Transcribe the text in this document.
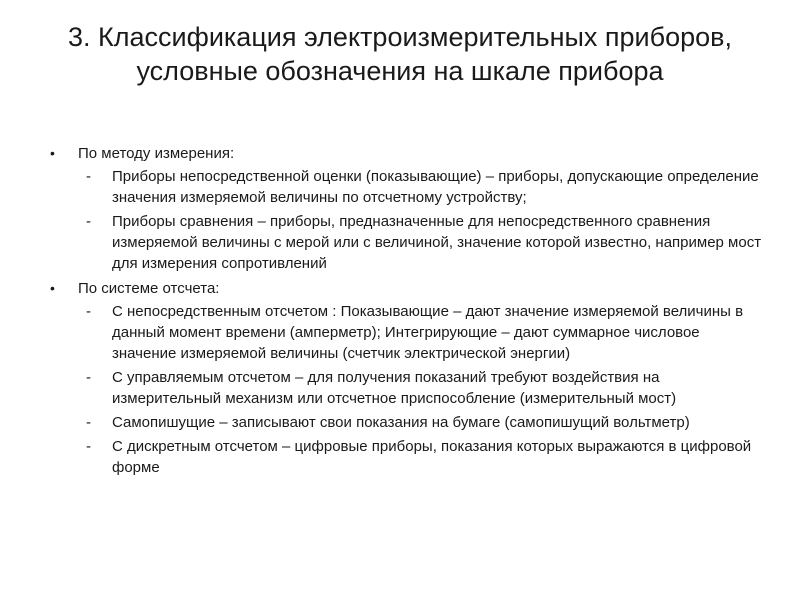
3. Классификация электроизмерительных приборов, условные обозначения на шкале прибора
• По методу измерения:
- Приборы непосредственной оценки (показывающие) – приборы, допускающие определение значения измеряемой величины по отсчетному устройству;
- Приборы сравнения – приборы, предназначенные для непосредственного сравнения измеряемой величины с мерой или с величиной, значение которой известно, например мост для измерения сопротивлений
• По системе отсчета:
- С непосредственным отсчетом : Показывающие – дают значение измеряемой величины в данный момент времени (амперметр); Интегрирующие – дают суммарное числовое значение измеряемой величины (счетчик электрической энергии)
- С управляемым отсчетом – для получения показаний требуют воздействия на измерительный механизм или отсчетное приспособление (измерительный мост)
- Самопишущие – записывают свои показания на бумаге (самопишущий вольтметр)
- С дискретным отсчетом – цифровые приборы, показания которых выражаются в цифровой форме
